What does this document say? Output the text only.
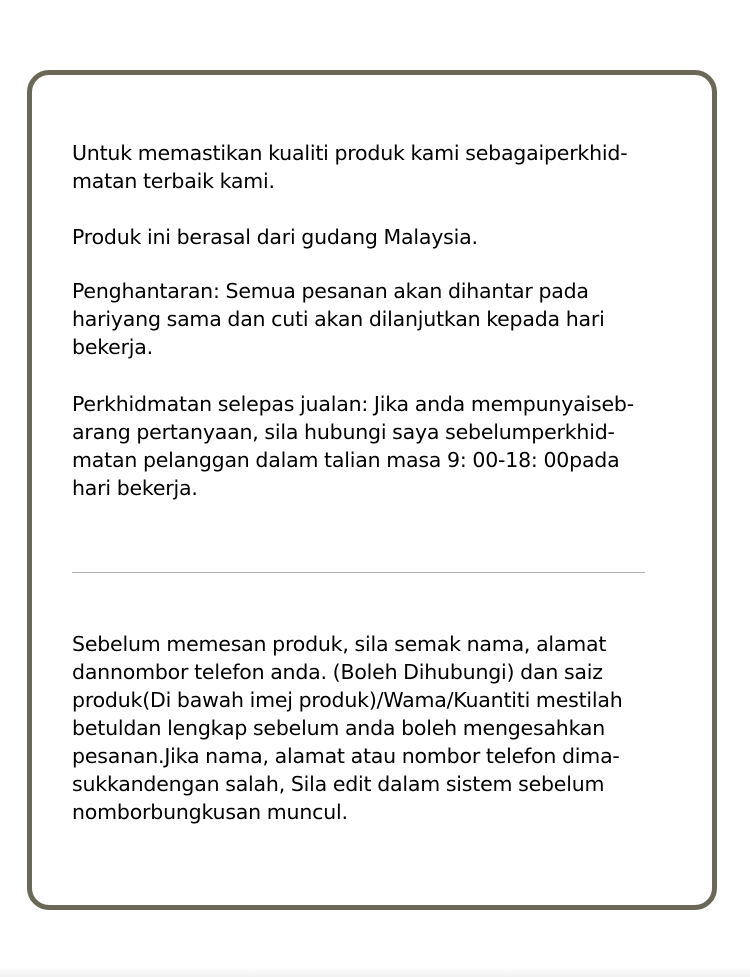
Untuk memastikan kualiti produk kami sebagaiperkhid-
matan terbaik kami.

Produk ini berasal dari gudang Malaysia.

Penghantaran: Semua pesanan akan dihantar pada
hariyang sama dan cuti akan dilanjutkan kepada hari
bekerja.

Perkhidmatan selepas jualan: Jika anda mempunyaiseb-
arang pertanyaan, sila hubungi saya sebelumperkhid-
matan pelanggan dalam talian masa 9: 00-18: 00pada
hari bekerja.

Sebelum memesan produk, sila semak nama, alamat
dannombor telefon anda. (Boleh Dihubungi) dan saiz
produk(Di bawah imej produk)/Wama/Kuantiti mestilah
betuldan lengkap sebelum anda boleh mengesahkan
pesanan.Jika nama, alamat atau nombor telefon dima-
sukkandengan salah, Sila edit dalam sistem sebelum
nomborbungkusan muncul.
